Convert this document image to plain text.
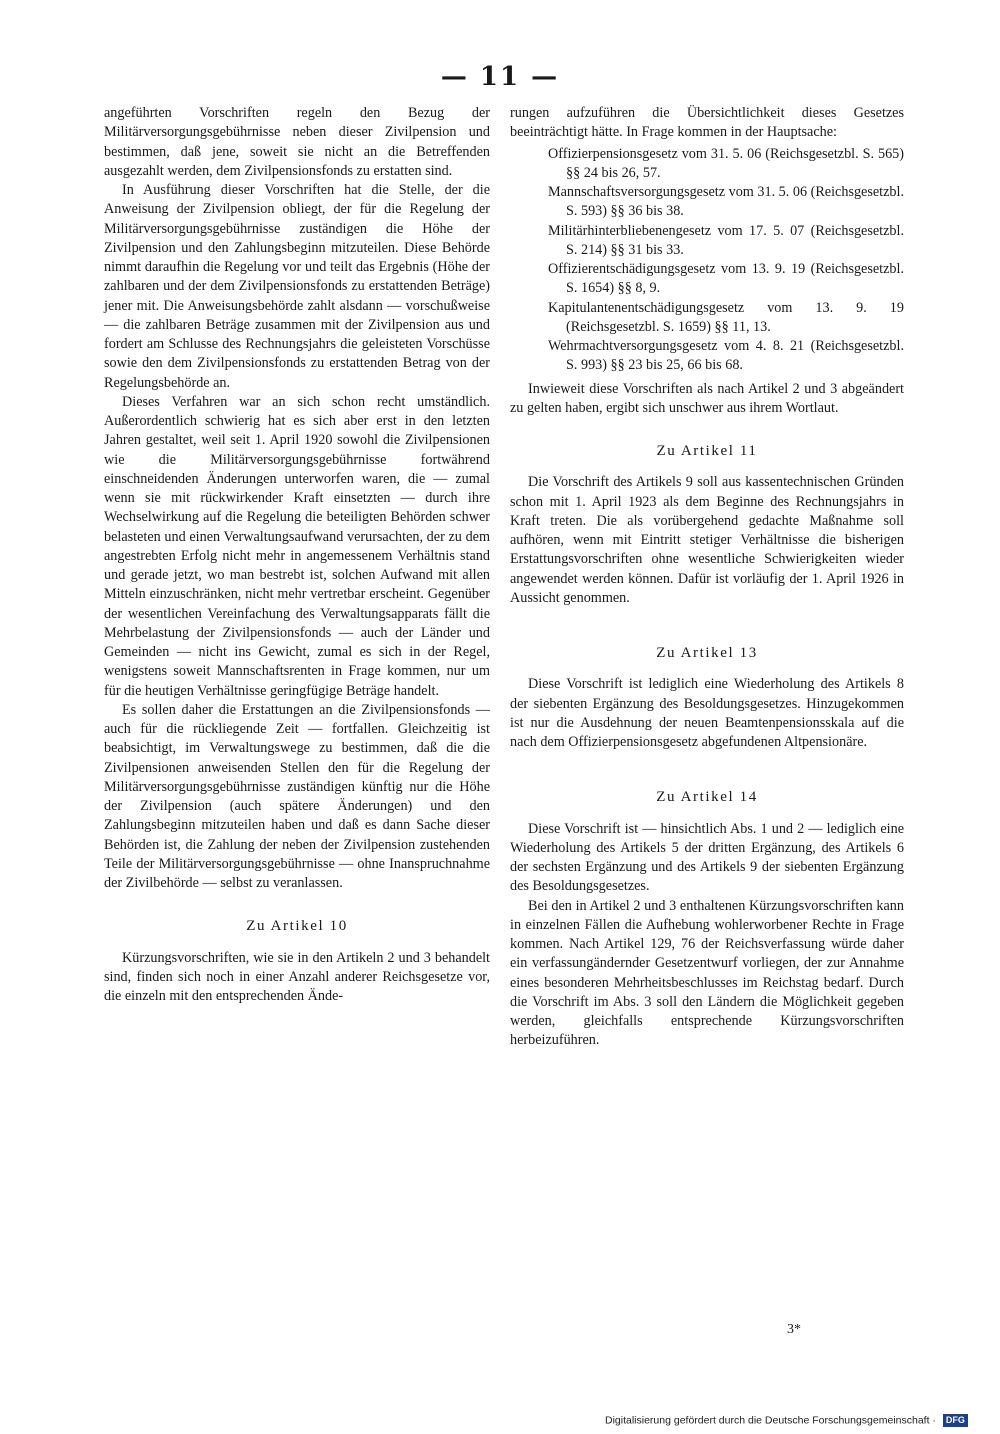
— 11 —

angeführten Vorschriften regeln den Bezug der Militärversorgungsgebührnisse neben dieser Zivilpension und bestimmen, daß jene, soweit sie nicht an die Betreffenden ausgezahlt werden, dem Zivilpensionsfonds zu erstatten sind.

In Ausführung dieser Vorschriften hat die Stelle, der die Anweisung der Zivilpension obliegt, der für die Regelung der Militärversorgungsgebührnisse zuständigen die Höhe der Zivilpension und den Zahlungsbeginn mitzuteilen. Diese Behörde nimmt daraufhin die Regelung vor und teilt das Ergebnis (Höhe der zahlbaren und der dem Zivilpensionsfonds zu erstattenden Beträge) jener mit. Die Anweisungsbehörde zahlt alsdann — vorschußweise — die zahlbaren Beträge zusammen mit der Zivilpension aus und fordert am Schlusse des Rechnungsjahrs die geleisteten Vorschüsse sowie den dem Zivilpensionsfonds zu erstattenden Betrag von der Regelungsbehörde an.

Dieses Verfahren war an sich schon recht umständlich. Außerordentlich schwierig hat es sich aber erst in den letzten Jahren gestaltet, weil seit 1. April 1920 sowohl die Zivilpensionen wie die Militärversorgungsgebührnisse fortwährend einschneidenden Änderungen unterworfen waren, die — zumal wenn sie mit rückwirkender Kraft einsetzten — durch ihre Wechselwirkung auf die Regelung die beteiligten Behörden schwer belasteten und einen Verwaltungsaufwand verursachten, der zu dem angestrebten Erfolg nicht mehr in angemessenem Verhältnis stand und gerade jetzt, wo man bestrebt ist, solchen Aufwand mit allen Mitteln einzuschränken, nicht mehr vertretbar erscheint. Gegenüber der wesentlichen Vereinfachung des Verwaltungsapparats fällt die Mehrbelastung der Zivilpensionsfonds — auch der Länder und Gemeinden — nicht ins Gewicht, zumal es sich in der Regel, wenigstens soweit Mannschaftsrenten in Frage kommen, nur um für die heutigen Verhältnisse geringfügige Beträge handelt.

Es sollen daher die Erstattungen an die Zivilpensionsfonds — auch für die rückliegende Zeit — fortfallen. Gleichzeitig ist beabsichtigt, im Verwaltungswege zu bestimmen, daß die die Zivilpensionen anweisenden Stellen den für die Regelung der Militärversorgungsgebührnisse zuständigen künftig nur die Höhe der Zivilpension (auch spätere Änderungen) und den Zahlungsbeginn mitzuteilen haben und daß es dann Sache dieser Behörden ist, die Zahlung der neben der Zivilpension zustehenden Teile der Militärversorgungsgebührnisse — ohne Inanspruchnahme der Zivilbehörde — selbst zu veranlassen.

Zu Artikel 10

Kürzungsvorschriften, wie sie in den Artikeln 2 und 3 behandelt sind, finden sich noch in einer Anzahl anderer Reichsgesetze vor, die einzeln mit den entsprechenden Ände-

rungen aufzuführen die Übersichtlichkeit dieses Gesetzes beeinträchtigt hätte. In Frage kommen in der Hauptsache:

Offizierpensionsgesetz vom 31. 5. 06 (Reichsgesetzbl. S. 565) §§ 24 bis 26, 57.
Mannschaftsversorgungsgesetz vom 31. 5. 06 (Reichsgesetzbl. S. 593) §§ 36 bis 38.
Militärhinterbliebenengesetz vom 17. 5. 07 (Reichsgesetzbl. S. 214) §§ 31 bis 33.
Offizierentschädigungsgesetz vom 13. 9. 19 (Reichsgesetzbl. S. 1654) §§ 8, 9.
Kapitulantenentschädigungsgesetz vom 13. 9. 19 (Reichsgesetzbl. S. 1659) §§ 11, 13.
Wehrmachtversorgungsgesetz vom 4. 8. 21 (Reichsgesetzbl. S. 993) §§ 23 bis 25, 66 bis 68.

Inwieweit diese Vorschriften als nach Artikel 2 und 3 abgeändert zu gelten haben, ergibt sich unschwer aus ihrem Wortlaut.

Zu Artikel 11

Die Vorschrift des Artikels 9 soll aus kassentechnischen Gründen schon mit 1. April 1923 als dem Beginne des Rechnungsjahrs in Kraft treten. Die als vorübergehend gedachte Maßnahme soll aufhören, wenn mit Eintritt stetiger Verhältnisse die bisherigen Erstattungsvorschriften ohne wesentliche Schwierigkeiten wieder angewendet werden können. Dafür ist vorläufig der 1. April 1926 in Aussicht genommen.

Zu Artikel 13

Diese Vorschrift ist lediglich eine Wiederholung des Artikels 8 der siebenten Ergänzung des Besoldungsgesetzes. Hinzugekommen ist nur die Ausdehnung der neuen Beamtenpensionsskala auf die nach dem Offizierpensionsgesetz abgefundenen Altpensionäre.

Zu Artikel 14

Diese Vorschrift ist — hinsichtlich Abs. 1 und 2 — lediglich eine Wiederholung des Artikels 5 der dritten Ergänzung, des Artikels 6 der sechsten Ergänzung und des Artikels 9 der siebenten Ergänzung des Besoldungsgesetzes.

Bei den in Artikel 2 und 3 enthaltenen Kürzungsvorschriften kann in einzelnen Fällen die Aufhebung wohlerworbener Rechte in Frage kommen. Nach Artikel 129, 76 der Reichsverfassung würde daher ein verfassungändernder Gesetzentwurf vorliegen, der zur Annahme eines besonderen Mehrheitsbeschlusses im Reichstag bedarf. Durch die Vorschrift im Abs. 3 soll den Ländern die Möglichkeit gegeben werden, gleichfalls entsprechende Kürzungsvorschriften herbeizuführen.

3*
Digitalisierung gefördert durch die Deutsche Forschungsgemeinschaft · DFG
